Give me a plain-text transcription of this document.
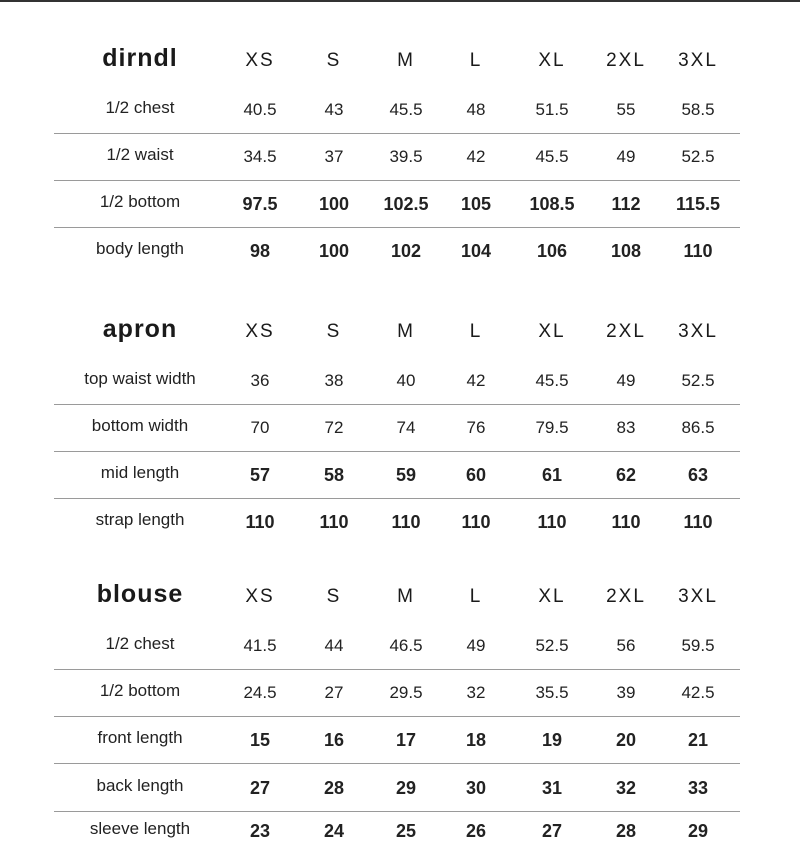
dirndl	XS	S	M	L	XL 2XL 3XL
1/2 chest	40.5	43	45.5	48	51.5	55	58.5
1/2 waist	34.5	37	39.5	42	45.5	49	52.5
1/2 bottom	97.5 100 102.5 105 108.5 112 115.5
body length	98	100 102 104	106 108 110
apron	XS	S	M	L	XL 2XL 3XL
top waist width	36	38	40	42	45.5	49	52.5
bottom width	70	72	74	76	79.5	83	86.5
mid length	57	58	59	60	61	62	63
strap length	110 110 110 110	110 110 110
blouse	XS	S	M	L	XL 2XL 3XL
1/2 chest	41.5	44	46.5	49	52.5	56	59.5
1/2 bottom	24.5	27	29.5	32	35.5	39	42.5
front length	15	16	17	18	19	20	21
back length	27	28	29	30	31	32	33
sleeve length	23	24	25	26	27	28	29
